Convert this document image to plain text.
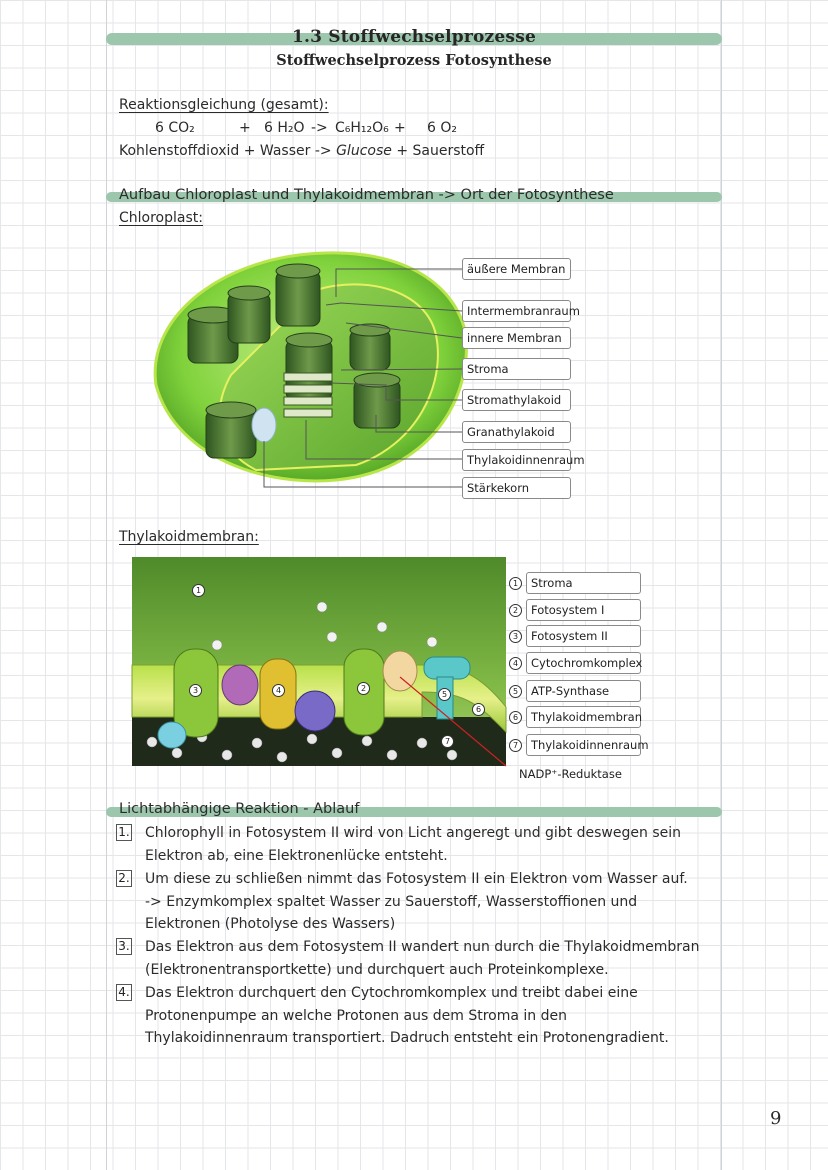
1.3 Stoffwechselprozesse
Stoffwechselprozess Fotosynthese
Reaktionsgleichung (gesamt):
6 CO₂	+ 6 H₂O -> C₆H₁₂O₆ + 6 O₂
Kohlenstoffdioxid + Wasser -> Glucose + Sauerstoff
Aufbau Chloroplast und Thylakoidmembran -> Ort der Fotosynthese
Chloroplast:
äußere Membran
Intermembranraum
innere Membran
Stroma
Stromathylakoid
Granathylakoid
Thylakoidinnenraum
Stärkekorn
Thylakoidmembran:
1
2
3	4	5
6
7
1	Stroma
2	Fotosystem I
3	Fotosystem II
4	Cytochromkomplex
5	ATP-Synthase
6	Thylakoidmembran
7	Thylakoidinnenraum
NADP⁺-Reduktase
Lichtabhängige Reaktion - Ablauf
1. Chlorophyll in Fotosystem II wird von Licht angeregt und gibt deswegen sein
Elektron ab, eine Elektronenlücke entsteht.
2. Um diese zu schließen nimmt das Fotosystem II ein Elektron vom Wasser auf.
-> Enzymkomplex spaltet Wasser zu Sauerstoff, Wasserstoffionen und
Elektronen (Photolyse des Wassers)
3. Das Elektron aus dem Fotosystem II wandert nun durch die Thylakoidmembran
(Elektronentransportkette) und durchquert auch Proteinkomplexe.
4. Das Elektron durchquert den Cytochromkomplex und treibt dabei eine
Protonenpumpe an welche Protonen aus dem Stroma in den
Thylakoidinnenraum transportiert. Dadruch entsteht ein Protonengradient.
9
